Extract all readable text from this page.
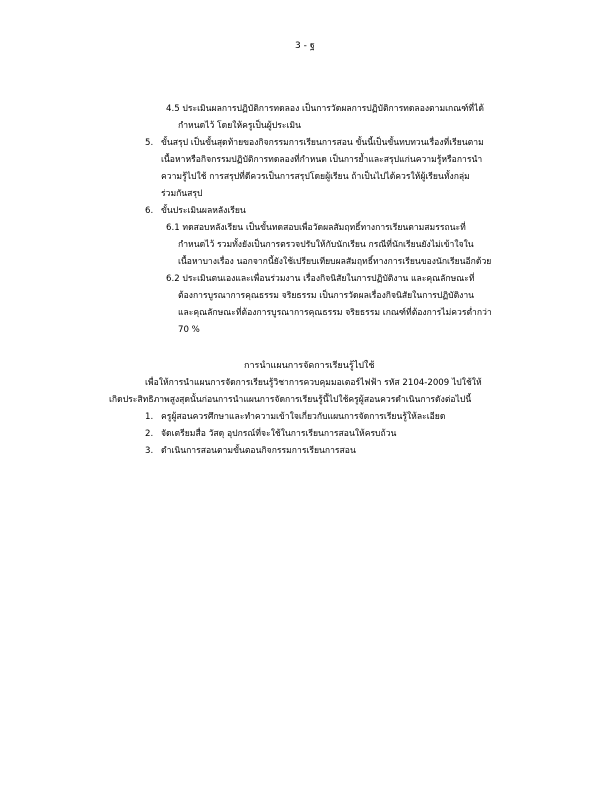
3 - ฐ
4.5 ประเมินผลการปฏิบัติการทดลอง เป็นการวัดผลการปฏิบัติการทดลองตามเกณฑ์ที่ได้
กำหนดไว้ โดยให้ครูเป็นผู้ประเมิน
5. ขั้นสรุป เป็นขั้นสุดท้ายของกิจกรรมการเรียนการสอน ขั้นนี้เป็นขั้นทบทวนเรื่องที่เรียนตาม
เนื้อหาหรือกิจกรรมปฏิบัติการทดลองที่กำหนด เป็นการย้ำและสรุปแก่นความรู้หรือการนำ
ความรู้ไปใช้ การสรุปที่ดีควรเป็นการสรุปโดยผู้เรียน ถ้าเป็นไปได้ควรให้ผู้เรียนทั้งกลุ่ม
ร่วมกันสรุป
6. ขั้นประเมินผลหลังเรียน
6.1 ทดสอบหลังเรียน เป็นขั้นทดสอบเพื่อวัดผลสัมฤทธิ์ทางการเรียนตามสมรรถนะที่
กำหนดไว้ รวมทั้งยังเป็นการตรวจปรับให้กับนักเรียน กรณีที่นักเรียนยังไม่เข้าใจใน
เนื้อหาบางเรื่อง นอกจากนี้ยังใช้เปรียบเทียบผลสัมฤทธิ์ทางการเรียนของนักเรียนอีกด้วย
6.2 ประเมินตนเองและเพื่อนร่วมงาน เรื่องกิจนิสัยในการปฏิบัติงาน และคุณลักษณะที่
ต้องการบูรณาการคุณธรรม จริยธรรม เป็นการวัดผลเรื่องกิจนิสัยในการปฏิบัติงาน
และคุณลักษณะที่ต้องการบูรณาการคุณธรรม จริยธรรม เกณฑ์ที่ต้องการไม่ควรต่ำกว่า
70 %
การนำแผนการจัดการเรียนรู้ไปใช้
เพื่อให้การนำแผนการจัดการเรียนรู้วิชาการควบคุมมอเตอร์ไฟฟ้า รหัส 2104-2009 ไปใช้ให้
เกิดประสิทธิภาพสูงสุดนั้นก่อนการนำแผนการจัดการเรียนรู้นี้ไปใช้ครูผู้สอนควรดำเนินการดังต่อไปนี้
1. ครูผู้สอนควรศึกษาและทำความเข้าใจเกี่ยวกับแผนการจัดการเรียนรู้ให้ละเอียด
2. จัดเตรียมสื่อ วัสดุ อุปกรณ์ที่จะใช้ในการเรียนการสอนให้ครบถ้วน
3. ดำเนินการสอนตามขั้นตอนกิจกรรมการเรียนการสอน
